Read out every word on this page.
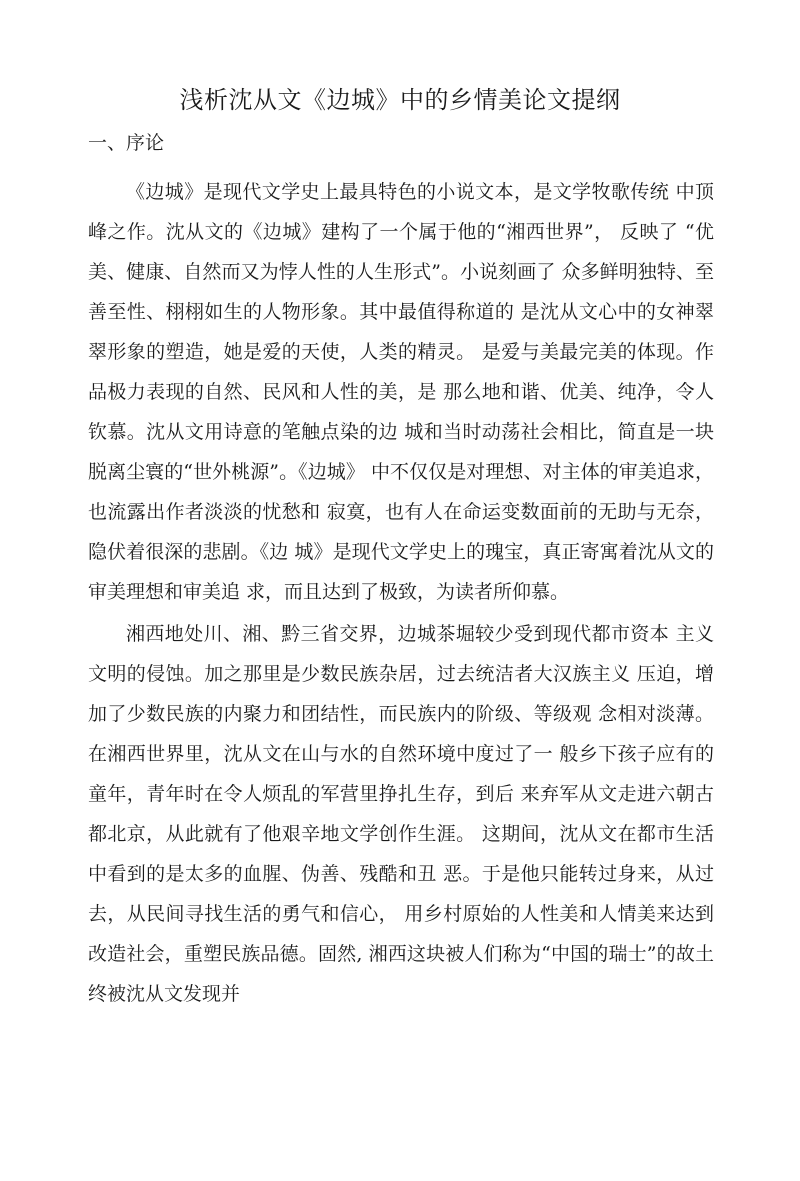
浅析沈从文《边城》中的乡情美论文提纲
一、序论

《边城》是现代文学史上最具特色的小说文本，是文学牧歌传统 中顶峰之作。沈从文的《边城》建构了一个属于他的“湘西世界”， 反映了 “优美、健康、自然而又为悖人性的人生形式”。小说刻画了 众多鲜明独特、至善至性、栩栩如生的人物形象。其中最值得称道的 是沈从文心中的女神翠翠形象的塑造，她是爱的天使，人类的精灵。 是爱与美最完美的体现。作品极力表现的自然、民风和人性的美，是 那么地和谐、优美、纯净，令人钦慕。沈从文用诗意的笔触点染的边 城和当时动荡社会相比，简直是一块脱离尘寰的“世外桃源”。《边城》 中不仅仅是对理想、对主体的审美追求，也流露出作者淡淡的忧愁和 寂寞，也有人在命运变数面前的无助与无奈，隐伏着很深的悲剧。《边 城》是现代文学史上的瑰宝，真正寄寓着沈从文的审美理想和审美追 求，而且达到了极致，为读者所仰慕。

湘西地处川、湘、黔三省交界，边城茶堀较少受到现代都市资本 主义文明的侵蚀。加之那里是少数民族杂居，过去统洁者大汉族主义 压迫，增加了少数民族的内聚力和团结性，而民族内的阶级、等级观 念相对淡薄。在湘西世界里，沈从文在山与水的自然环境中度过了一 般乡下孩子应有的童年，青年时在令人烦乱的军营里挣扎生存，到后 来弃军从文走进六朝古都北京，从此就有了他艰辛地文学创作生涯。 这期间，沈从文在都市生活中看到的是太多的血腥、伪善、残酷和丑 恶。于是他只能转过身来，从过去，从民间寻找生活的勇气和信心， 用乡村原始的人性美和人情美来达到改造社会，重塑民族品德。固然, 湘西这块被人们称为“中国的瑞士”的故土终被沈从文发现并
